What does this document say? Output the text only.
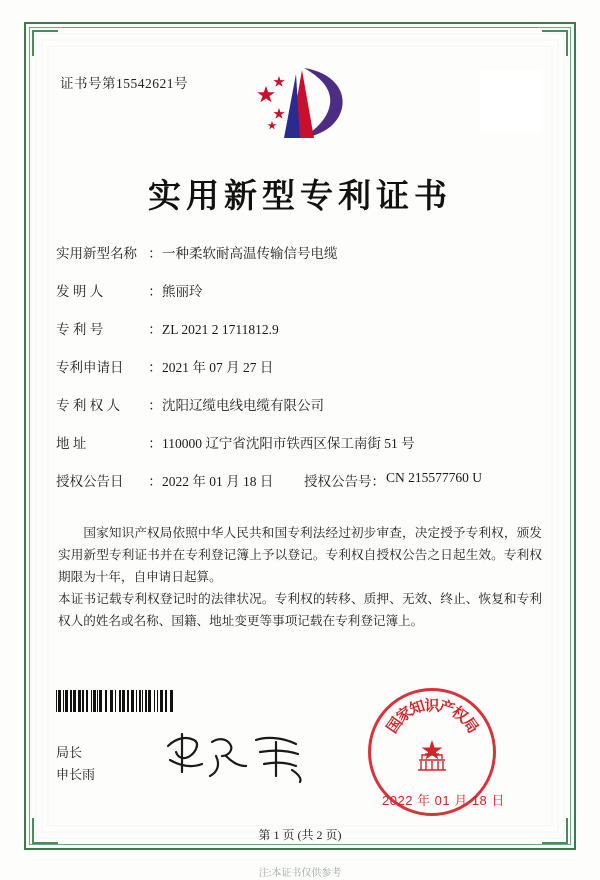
证书号第15542621号
实用新型专利证书
实用新型名称 ：一种柔软耐高温传输信号电缆
发 明 人	：熊丽玲
专 利 号	：ZL 2021 2 1711812.9
专利申请日 ：2021 年 07 月 27 日
专 利 权 人 ：沈阳辽缆电线电缆有限公司
地 址	：110000 辽宁省沈阳市铁西区保工南街 51 号
授权公告日 ：2022 年 01 月 18 日 授权公告号： CN 215577760 U
国家知识产权局依照中华人民共和国专利法经过初步审查，决定授予专利权，颁发实用新型专利证书并在专利登记簿上予以登记。专利权自授权公告之日起生效。专利权期限为十年，自申请日起算。
本证书记载专利权登记时的法律状况。专利权的转移、质押、无效、终止、恢复和专利权人的姓名或名称、国籍、地址变更等事项记载在专利登记簿上。
局长
申长雨
★
国
家
知
识
产
权
局
2022 年 01 月 18 日
第 1 页 (共 2 页)
注:本证书仅供参考
